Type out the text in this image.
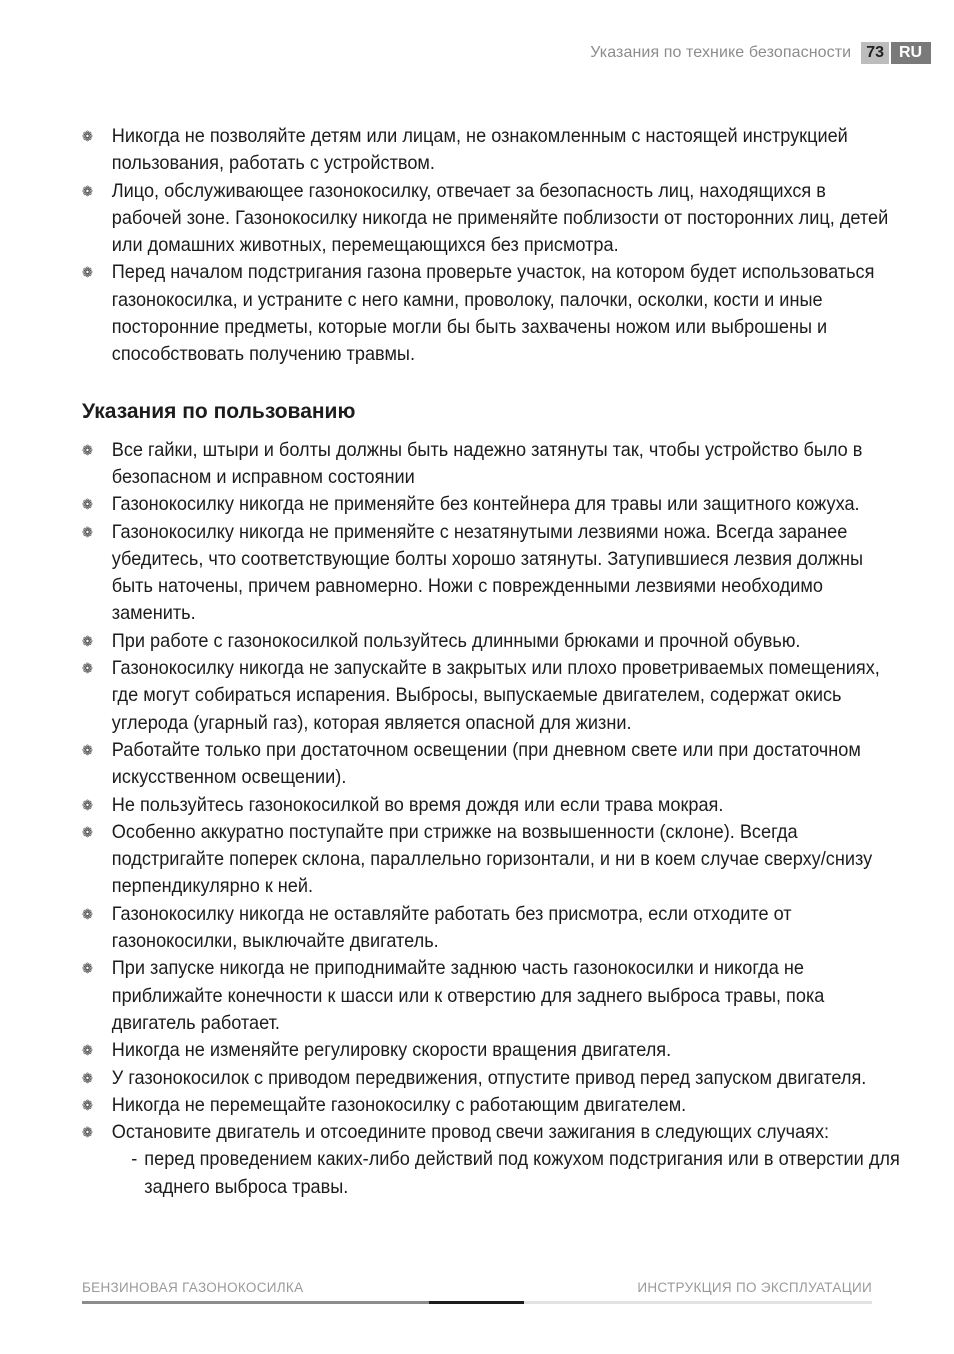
Указания по технике безопасности 73 RU
❁ Никогда не позволяйте детям или лицам, не ознакомленным с настоящей инструкцией пользования, работать с устройством.
❁ Лицо, обслуживающее газонокосилку, отвечает за безопасность лиц, находящихся в рабочей зоне. Газонокосилку никогда не применяйте поблизости от посторонних лиц, детей или домашних животных, перемещающихся без присмотра.
❁ Перед началом подстригания газона проверьте участок, на котором будет использоваться газонокосилка, и устраните с него камни, проволоку, палочки, осколки, кости и иные посторонние предметы, которые могли бы быть захвачены ножом или выброшены и способствовать получению травмы.
Указания по пользованию
❁ Все гайки, штыри и болты должны быть надежно затянуты так, чтобы устройство было в безопасном и исправном состоянии
❁ Газонокосилку никогда не применяйте без контейнера для травы или защитного кожуха.
❁ Газонокосилку никогда не применяйте с незатянутыми лезвиями ножа. Всегда заранее убедитесь, что соответствующие болты хорошо затянуты. Затупившиеся лезвия должны быть наточены, причем равномерно. Ножи с поврежденными лезвиями необходимо заменить.
❁ При работе с газонокосилкой пользуйтесь длинными брюками и прочной обувью.
❁ Газонокосилку никогда не запускайте в закрытых или плохо проветриваемых помещениях, где могут собираться испарения. Выбросы, выпускаемые двигателем, содержат окись углерода (угарный газ), которая является опасной для жизни.
❁ Работайте только при достаточном освещении (при дневном свете или при достаточном искусственном освещении).
❁ Не пользуйтесь газонокосилкой во время дождя или если трава мокрая.
❁ Особенно аккуратно поступайте при стрижке на возвышенности (склоне). Всегда подстригайте поперек склона, параллельно горизонтали, и ни в коем случае сверху/снизу перпендикулярно к ней.
❁ Газонокосилку никогда не оставляйте работать без присмотра, если отходите от газонокосилки, выключайте двигатель.
❁ При запуске никогда не приподнимайте заднюю часть газонокосилки и никогда не приближайте конечности к шасси или к отверстию для заднего выброса травы, пока двигатель работает.
❁ Никогда не изменяйте регулировку скорости вращения двигателя.
❁ У газонокосилок с приводом передвижения, отпустите привод перед запуском двигателя.
❁ Никогда не перемещайте газонокосилку с работающим двигателем.
❁ Остановите двигатель и отсоедините провод свечи зажигания в следующих случаях:
- перед проведением каких-либо действий под кожухом подстригания или в отверстии для заднего выброса травы.
БЕНЗИНОВАЯ ГАЗОНОКОСИЛКА	ИНСТРУКЦИЯ ПО ЭКСПЛУАТАЦИИ
